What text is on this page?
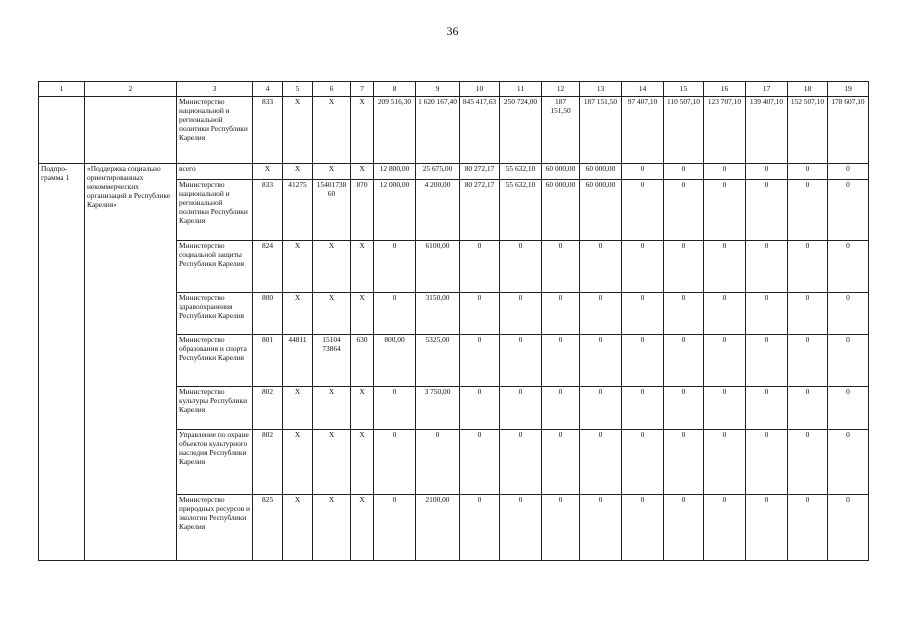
36
1	2	3	4	5	6	7	8	9	10	11	12	13	14	15	16	17	18	19
		Министерство национальной и региональной политики Республики Карелия	833	X	X	X	209 516,30	1 620 167,40	845 417,63	250 724,00	187 151,50	187 151,50	97 407,10	110 507,10	123 707,10	139 407,10	152 507,10	178 607,10
Подпро-грамма 1	«Поддержка социально ориентированных некоммерческих организаций в Республике Карелия»	всего	X	X	X	X	12 800,00	25 675,00	80 272,17	55 632,10	60 000,00	60 000,00	0	0	0	0	0	0
		Министерство национальной и региональной политики Республики Карелия	833	41275	15401738 60	870	12 000,00	4 200,00	80 272,17	55 632,10	60 000,00	60 000,00	0	0	0	0	0	0
		Министерство социальной защиты Республики Карелия	824	X	X	X	0	6100,00	0	0	0	0	0	0	0	0	0	0
		Министерство здравоохранения Республики Карелия	800	X	X	X	0	3150,00	0	0	0	0	0	0	0	0	0	0
		Министерство образования и спорта Республики Карелия	801	44811	15104 73864	630	800,00	5325,00	0	0	0	0	0	0	0	0	0	0
		Министерство культуры Республики Карелия	802	X	X	X	0	3 750,00	0	0	0	0	0	0	0	0	0	0
		Управление по охране объектов культурного наследия Республики Карелия	802	X	X	X	0	0	0	0	0	0	0	0	0	0	0	0
		Министерство природных ресурсов и экологии Республики Карелия	825	X	X	X	0	2100,00	0	0	0	0	0	0	0	0	0	0
